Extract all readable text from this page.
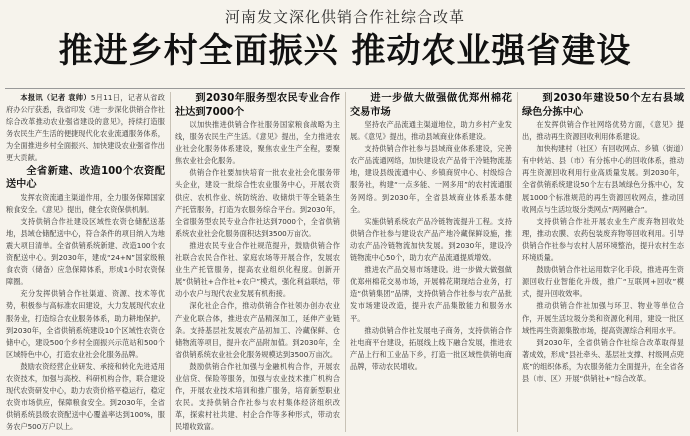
河南发文深化供销合作社综合改革
推进乡村全面振兴 推动农业强省建设

本报讯（记者 袁帅）5月11日，记者从省政府办公厅获悉，我省印发《进一步深化供销合作社综合改革推动农业强省建设的意见》，持续打造服务农民生产生活的便捷现代化农业流通服务体系，为全面推进乡村全面振兴、加快建设农业强省作出更大贡献。

全省新建、改造100个农资配送中心

发挥农资流通主渠道作用，全力服务保障国家粮食安全。《意见》提出，健全农资保供机制。

支持供销合作社建设区域性农资仓储配送基地，县域仓储配送中心，符合条件的项目纳入为地震大项目清单。全省供销系统新建、改造100个农资配送中心。到2030年，建成“24+N”国家级粮食农资（储备）应急保障体系，形成1小时农资保障圈。

充分发挥供销合作社渠道、资源、技术等优势，积极参与高标准农田建设，大力发展现代农业服务业，打造综合农业服务体系，助力耕地保护。到2030年，全省供销系统建设10个区域性农资仓储中心，建设500个乡村全面振兴示范站和500个区域特色中心，打造农业社会化服务品牌。

鼓励农资经营企业研发、承接和转化先进适用农资技术，加强与高校、科研机构合作，联合建设现代农资研发中心，助力农资价格平稳运行，稳定农资市场供应，保障粮食安全。到2030年，全省供销系统县级农资配送中心覆盖率达到100%，服务农户500万户以上。

到2030年服务型农民专业合作社达到7000个

以加快推进供销合作社服务国家粮食战略为主线，服务农民生产生活。《意见》提出，全力推进农业社会化服务体系建设，聚焦农业生产全程，要聚焦农业社会化服务。

供销合作社要加快培育一批农业社会化服务带头企业，建设一批综合性农业服务中心，开展农资供应、农机作业、统防统治、收储烘干等全链条生产托管服务，打造为农服务综合平台。到2030年，全省服务型农民专业合作社达到7000个，全省供销系统农业社会化服务面积达到3500万亩次。

推进农民专业合作社规范提升，鼓励供销合作社联合农民合作社、家庭农场等开展合作，发展农业生产托管服务，提高农业组织化程度。创新开展“供销社+合作社+农户”模式，强化利益联结，带动小农户与现代农业发展有机衔接。

深化社企合作，推动供销合作社领办创办农业产业化联合体，推进农产品精深加工，延伸产业链条。支持基层社发展农产品初加工、冷藏保鲜、仓储物流等项目，提升农产品附加值。到2030年，全省供销系统农业社会化服务规模达到3500万亩次。

鼓励供销合作社加强与金融机构合作，开展农业信贷、保险等服务，加强与农业技术推广机构合作，开展农业技术培训和推广服务，培育新型职业农民。支持供销合作社参与农村集体经济组织改革，探索村社共建、村企合作等多种形式，带动农民增收致富。

进一步做大做强做优郑州棉花交易市场

坚持农产品流通主渠道地位，助力乡村产业发展。《意见》提出，推动县域商业体系建设。

支持供销合作社参与县域商业体系建设，完善农产品流通网络，加快建设农产品骨干冷链物流基地，建设县级流通中心、乡镇商贸中心、村级综合服务社，构建“一点多能、一网多用”的农村流通服务网络。到2030年，全省县域商业体系基本健全。

实施供销系统农产品冷链物流提升工程。支持供销合作社参与建设农产品产地冷藏保鲜设施，推动农产品冷链物流加快发展。到2030年，建设冷链物流中心50个，助力农产品流通提质增效。

推进农产品交易市场建设。进一步做大做强做优郑州棉花交易市场，开展棉花期现结合业务，打造“供销集团”品牌，支持供销合作社参与农产品批发市场建设改造，提升农产品集散能力和服务水平。

推动供销合作社发展电子商务，支持供销合作社电商平台建设，拓展线上线下融合发展，推进农产品上行和工业品下乡，打造一批区域性供销电商品牌，带动农民增收。

到2030年建设50个左右县域绿色分拣中心

在发挥供销合作社网络优势方面，《意见》提出，推动再生资源回收利用体系建设。

加快构建村（社区）有回收网点、乡镇（街道）有中转站、县（市）有分拣中心的回收体系，推动再生资源回收利用行业高质量发展。到2030年，全省供销系统建设50个左右县域绿色分拣中心，发展1000个标准规范的再生资源回收网点，推动回收网点与生活垃圾分类网点“两网融合”。

支持供销合作社开展农业生产废弃物回收处理，推动农膜、农药包装废弃物等回收利用。引导供销合作社参与农村人居环境整治，提升农村生态环境质量。

鼓励供销合作社运用数字化手段，推进再生资源回收行业智能化升级，推广“互联网+回收”模式，提升回收效率。

推动供销合作社加强与环卫、物业等单位合作，开展生活垃圾分类和资源化利用，建设一批区域性再生资源集散市场，提高资源综合利用水平。

到2030年，全省供销合作社综合改革取得显著成效，形成“县社牵头、基层社支撑、村级网点兜底”的组织体系，为农服务能力全面提升，在全省各县（市、区）开展“供销社+”综合改革。
